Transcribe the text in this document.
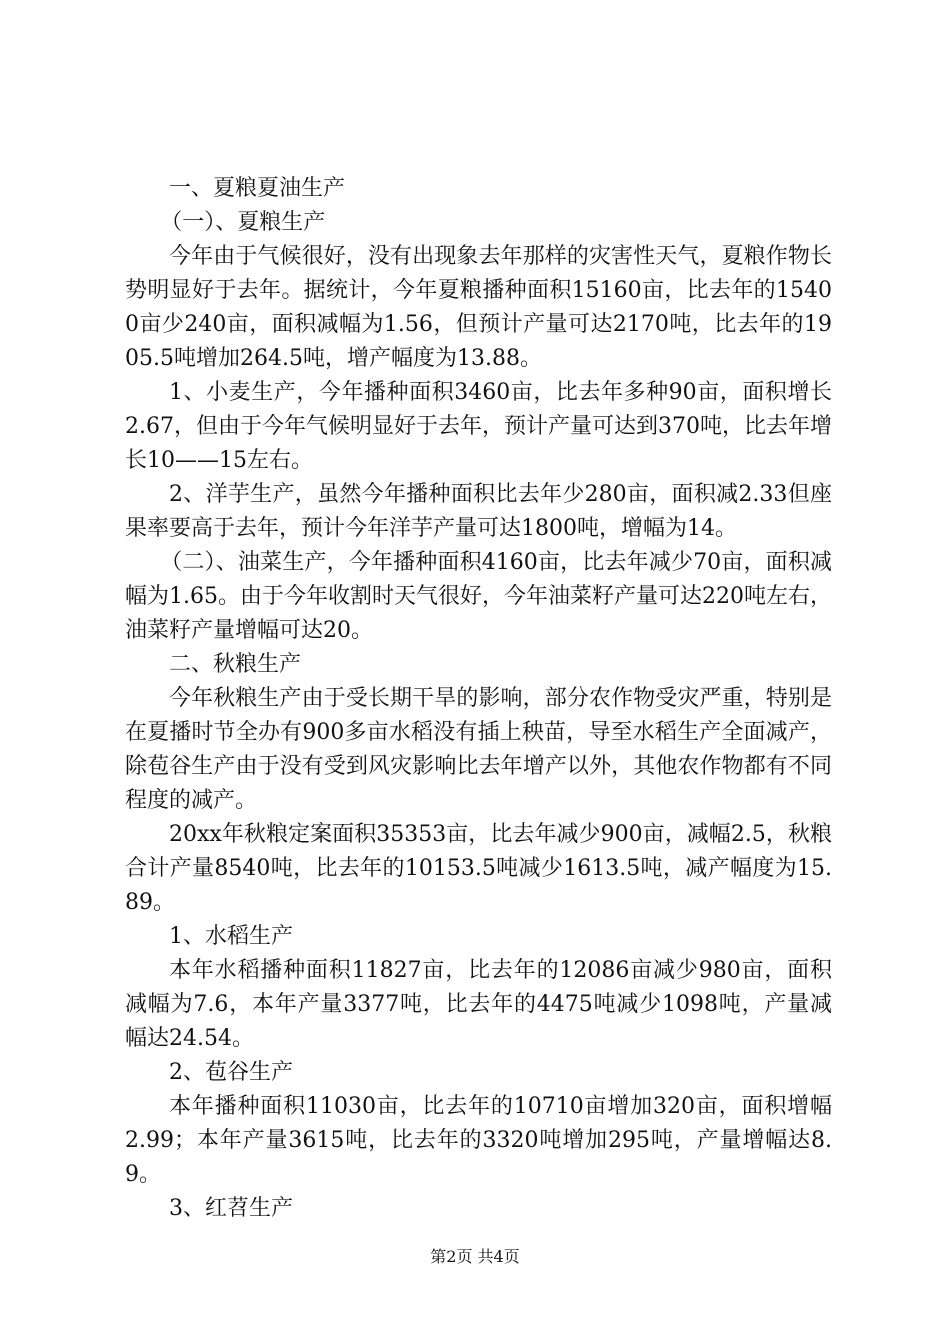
一、夏粮夏油生产

（一）、夏粮生产

今年由于气候很好，没有出现象去年那样的灾害性天气，夏粮作物长势明显好于去年。据统计，今年夏粮播种面积15160亩，比去年的15400亩少240亩，面积减幅为1.56，但预计产量可达2170吨，比去年的1905.5吨增加264.5吨，增产幅度为13.88。

1、小麦生产，今年播种面积3460亩，比去年多种90亩，面积增长2.67，但由于今年气候明显好于去年，预计产量可达到370吨，比去年增长10——15左右。

2、洋芋生产，虽然今年播种面积比去年少280亩，面积减2.33但座果率要高于去年，预计今年洋芋产量可达1800吨，增幅为14。

（二）、油菜生产，今年播种面积4160亩，比去年减少70亩，面积减幅为1.65。由于今年收割时天气很好，今年油菜籽产量可达220吨左右，油菜籽产量增幅可达20。

二、秋粮生产

今年秋粮生产由于受长期干旱的影响，部分农作物受灾严重，特别是在夏播时节全办有900多亩水稻没有插上秧苗，导至水稻生产全面减产，除苞谷生产由于没有受到风灾影响比去年增产以外，其他农作物都有不同程度的减产。

20xx年秋粮定案面积35353亩，比去年减少900亩，减幅2.5，秋粮合计产量8540吨，比去年的10153.5吨减少1613.5吨，减产幅度为15.89。

1、水稻生产

本年水稻播种面积11827亩，比去年的12086亩减少980亩，面积减幅为7.6，本年产量3377吨，比去年的4475吨减少1098吨，产量减幅达24.54。

2、苞谷生产

本年播种面积11030亩，比去年的10710亩增加320亩，面积增幅2.99；本年产量3615吨，比去年的3320吨增加295吨，产量增幅达8.9。

3、红苕生产

第2页 共4页
